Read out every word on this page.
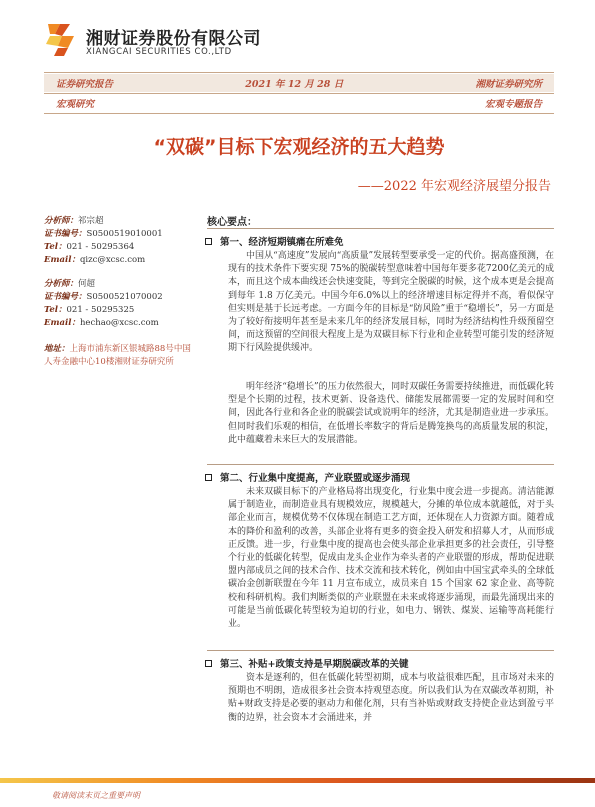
湘财证券股份有限公司
XIANGCAI SECURITIES CO.,LTD
证券研究报告	2021 年 12 月 28 日	湘财证券研究所
宏观研究	宏观专题报告
“双碳”目标下宏观经济的五大趋势
——2022 年宏观经济展望分报告
分析师：祁宗超
证书编号：S0500519010001
Tel：021 - 50295364
Email：qizc@xcsc.com
分析师：何超
证书编号：S0500521070002
Tel：021 - 50295325
Email：hechao@xcsc.com
地址：上海市浦东新区银城路88号中国人寿金融中心10楼湘财证券研究所
核心要点：
第一、经济短期镇痛在所难免
中国从“高速度”发展向“高质量”发展转型要承受一定的代价。据高盛预测，在现有的技术条件下要实现 75%的脱碳转型意味着中国每年要多花7200亿美元的成本，而且这个成本曲线还会快速变陡，等到完全脱碳的时候，这个成本更是会提高到每年 1.8 万亿美元。中国今年6.0%以上的经济增速目标定得并不高，看似保守但实则是基于长远考虑。一方面今年的目标是“防风险”重于“稳增长”，另一方面是为了较好衔接明年甚至是未来几年的经济发展目标，同时为经济结构性升级预留空间，而这预留的空间很大程度上是为双碳目标下行业和企业转型可能引发的经济短期下行风险提供缓冲。
明年经济“稳增长”的压力依然很大，同时双碳任务需要持续推进，而低碳化转型是个长期的过程，技术更新、设备迭代、储能发展都需要一定的发展时间和空间，因此各行业和各企业的脱碳尝试或说明年的经济，尤其是制造业进一步承压。但同时我们乐观的相信，在低增长率数字的背后是腾笼换鸟的高质量发展的积淀，此中蕴藏着未来巨大的发展潜能。
第二、行业集中度提高，产业联盟或逐步涌现
未来双碳目标下的产业格局将出现变化，行业集中度会进一步提高。清洁能源属于制造业，而制造业具有规模效应，规模越大，分摊的单位成本就越低，对于头部企业而言，规模优势不仅体现在制造工艺方面，还体现在人力资源方面。随着成本的降价和盈利的改善，头部企业将有更多的资金投入研发和招募人才，从而形成正反馈。进一步，行业集中度的提高也会使头部企业承担更多的社会责任，引导整个行业的低碳化转型，促成由龙头企业作为牵头者的产业联盟的形成，帮助促进联盟内部成员之间的技术合作、技术交流和技术转化，例如由中国宝武牵头的全球低碳冶金创新联盟在今年 11 月宣布成立，成员来自 15 个国家 62 家企业、高等院校和科研机构。我们判断类似的产业联盟在未来或将逐步涌现，而最先涌现出来的可能是当前低碳化转型较为迫切的行业，如电力、钢铁、煤炭、运输等高耗能行业。
第三、补贴+政策支持是早期脱碳改革的关键
资本是逐利的，但在低碳化转型初期，成本与收益很难匹配，且市场对未来的预期也不明朗，造成很多社会资本持观望态度。所以我们认为在双碳改革初期，补贴+财政支持是必要的驱动力和催化剂，只有当补贴或财政支持使企业达到盈亏平衡的边界，社会资本才会涌进来，并
敬请阅读末页之重要声明
